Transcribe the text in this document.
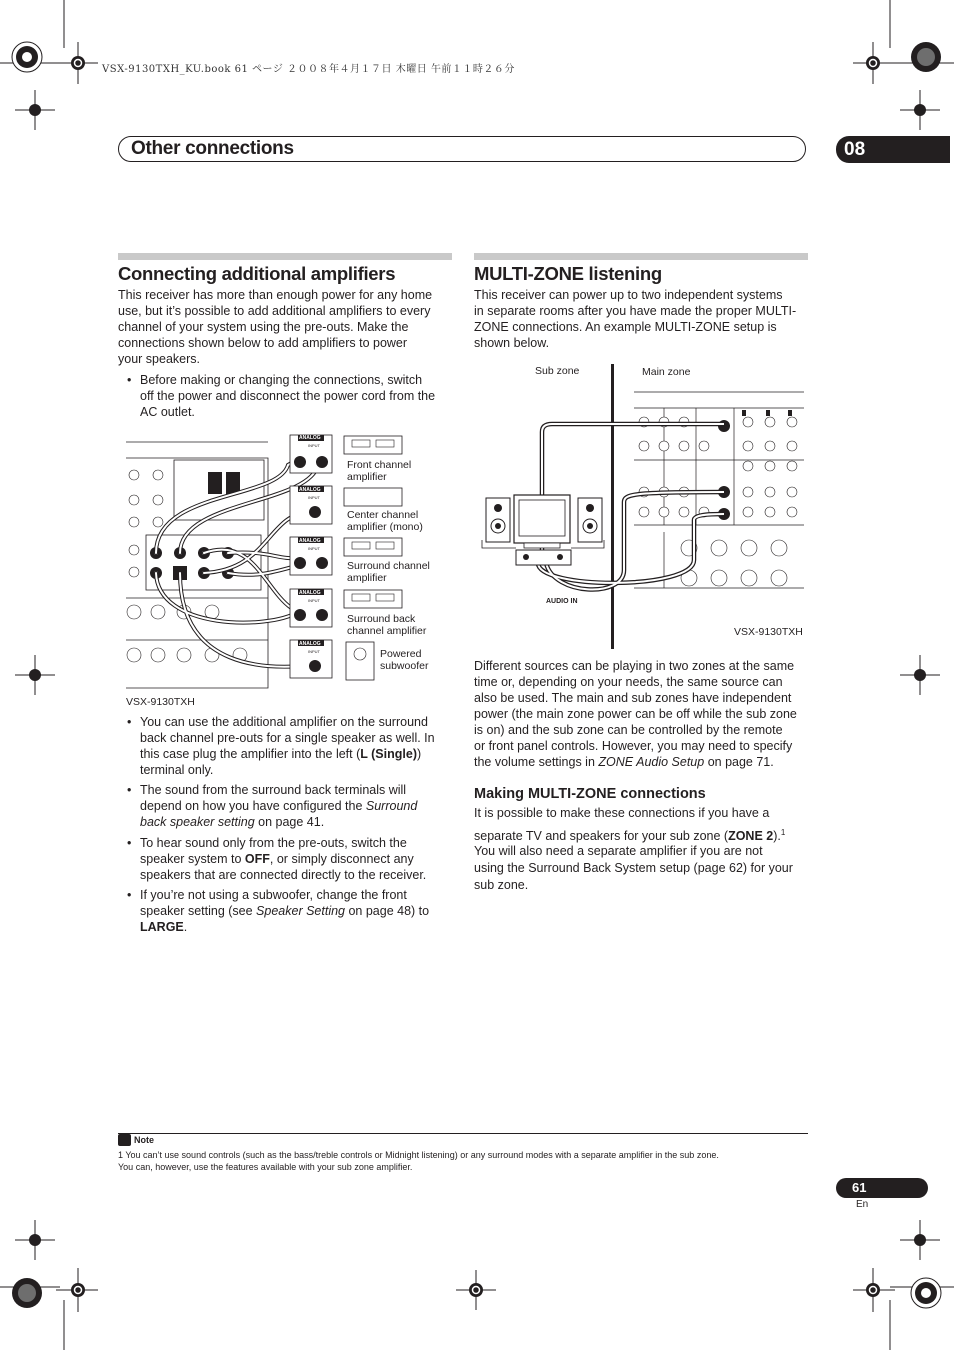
VSX-9130TXH_KU.book 61 ページ ２００８年４月１７日 木曜日 午前１１時２６分
Other connections	08
Connecting additional amplifiers
This receiver has more than enough power for any home
use, but it’s possible to add additional amplifiers to every
channel of your system using the pre-outs. Make the
connections shown below to add amplifiers to power
your speakers.
• Before making or changing the connections, switch
off the power and disconnect the power cord from the
AC outlet.
ANALOG
ANALOG
ANALOG
ANALOG
ANALOG
INPUT
INPUT
INPUT
INPUT
INPUT
Front channel
amplifier
Center channel
amplifier (mono)
Surround channel
amplifier
Surround back
channel amplifier
Powered
subwoofer
VSX-9130TXH
• You can use the additional amplifier on the surround
back channel pre-outs for a single speaker as well. In
this case plug the amplifier into the left (L (Single))
terminal only.
• The sound from the surround back terminals will
depend on how you have configured the Surround
back speaker setting on page 41.
• To hear sound only from the pre-outs, switch the
speaker system to OFF, or simply disconnect any
speakers that are connected directly to the receiver.
• If you’re not using a subwoofer, change the front
speaker setting (see Speaker Setting on page 48) to
LARGE.
MULTI-ZONE listening
This receiver can power up to two independent systems
in separate rooms after you have made the proper MULTI-
ZONE connections. An example MULTI-ZONE setup is
shown below.
Sub zone	Main zone
AUDIO IN
VSX-9130TXH
Different sources can be playing in two zones at the same
time or, depending on your needs, the same source can
also be used. The main and sub zones have independent
power (the main zone power can be off while the sub zone
is on) and the sub zone can be controlled by the remote
or front panel controls. However, you may need to specify
the volume settings in ZONE Audio Setup on page 71.
Making MULTI-ZONE connections
It is possible to make these connections if you have a
separate TV and speakers for your sub zone (ZONE 2).$^1$
You will also need a separate amplifier if you are not
using the Surround Back System setup (page 62) for your
sub zone.
Note
1 You can’t use sound controls (such as the bass/treble controls or Midnight listening) or any surround modes with a separate amplifier in the sub zone.
You can, however, use the features available with your sub zone amplifier.
61
En
